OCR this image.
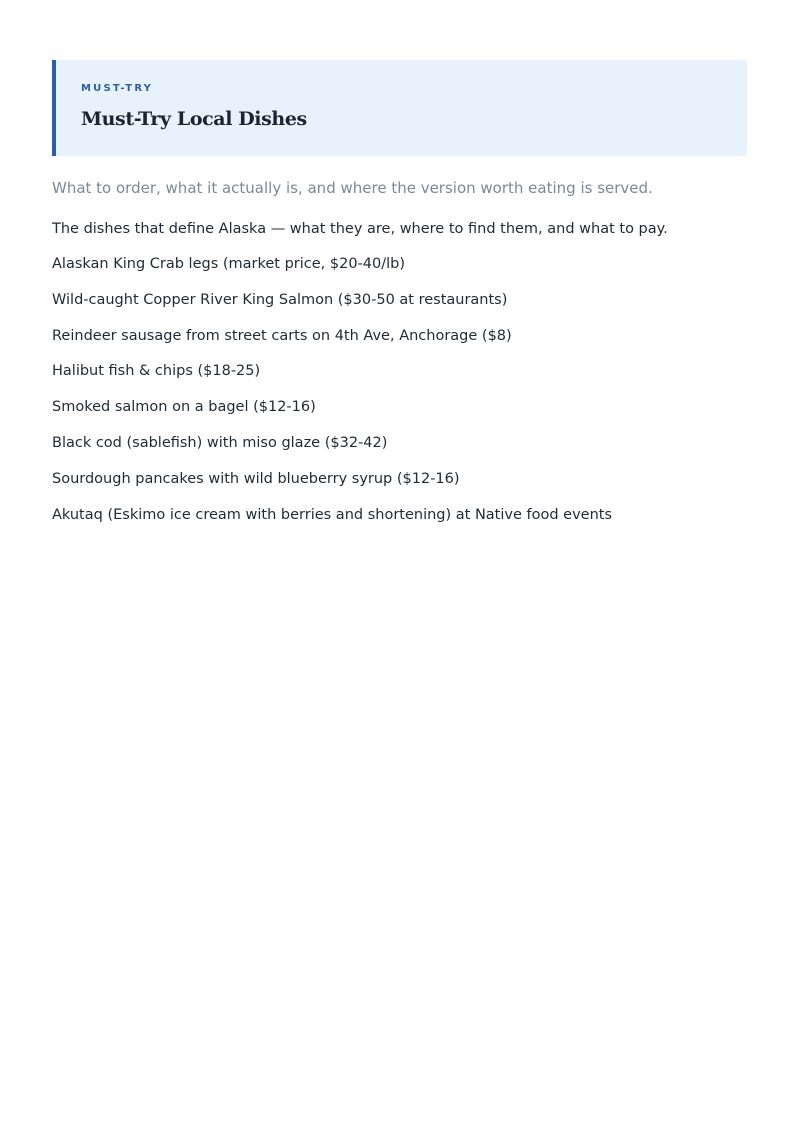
MUST-TRY
Must-Try Local Dishes

What to order, what it actually is, and where the version worth eating is served.

The dishes that define Alaska — what they are, where to find them, and what to pay.

Alaskan King Crab legs (market price, $20-40/lb)
Wild-caught Copper River King Salmon ($30-50 at restaurants)
Reindeer sausage from street carts on 4th Ave, Anchorage ($8)
Halibut fish & chips ($18-25)
Smoked salmon on a bagel ($12-16)
Black cod (sablefish) with miso glaze ($32-42)
Sourdough pancakes with wild blueberry syrup ($12-16)
Akutaq (Eskimo ice cream with berries and shortening) at Native food events
